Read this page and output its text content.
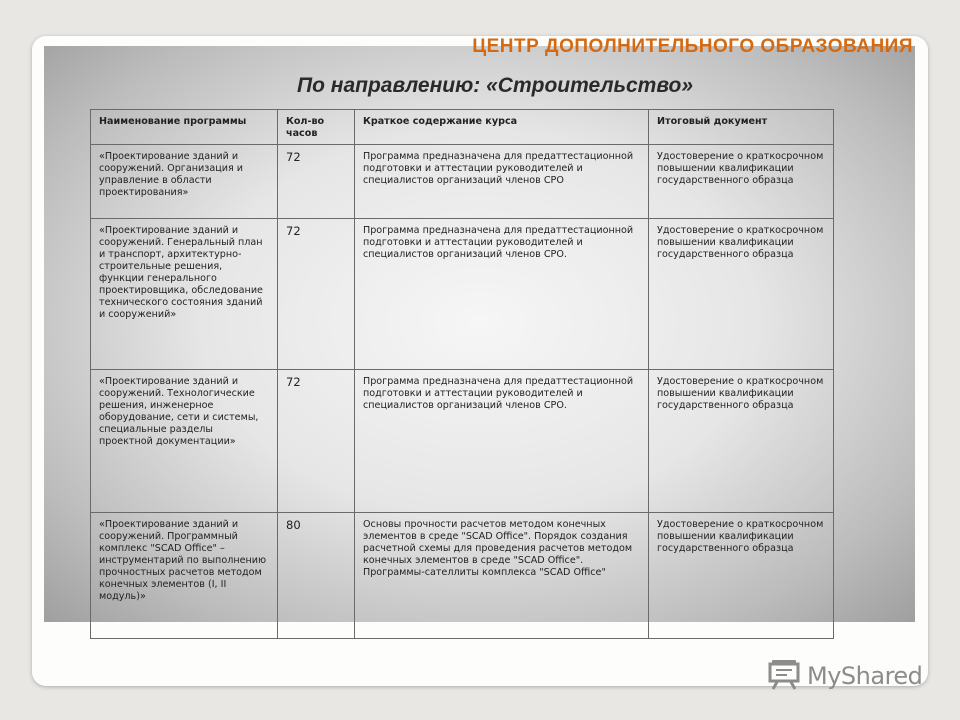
ЦЕНТР ДОПОЛНИТЕЛЬНОГО ОБРАЗОВАНИЯ
По направлению: «Строительство»
Наименование программы	Кол-во часов	Краткое содержание курса	Итоговый документ
«Проектирование зданий и сооружений. Организация и управление в области проектирования»	72	Программа предназначена для предаттестационной подготовки и аттестации руководителей и специалистов организаций членов СРО	Удостоверение о краткосрочном повышении квалификации государственного образца
«Проектирование зданий и сооружений. Генеральный план и транспорт, архитектурно-строительные решения, функции генерального проектировщика, обследование технического состояния зданий и сооружений»	72	Программа предназначена для предаттестационной подготовки и аттестации руководителей и специалистов организаций членов СРО.	Удостоверение о краткосрочном повышении квалификации государственного образца
«Проектирование зданий и сооружений. Технологические решения, инженерное оборудование, сети и системы, специальные разделы проектной документации»	72	Программа предназначена для предаттестационной подготовки и аттестации руководителей и специалистов организаций членов СРО.	Удостоверение о краткосрочном повышении квалификации государственного образца
«Проектирование зданий и сооружений. Программный комплекс "SCAD Office" – инструментарий по выполнению прочностных расчетов методом конечных элементов (I, II модуль)»	80	Основы прочности расчетов методом конечных элементов в среде "SCAD Office". Порядок создания расчетной схемы для проведения расчетов методом конечных элементов в среде "SCAD Office". Программы-сателлиты комплекса "SCAD Office"	Удостоверение о краткосрочном повышении квалификации государственного образца
MyShared
